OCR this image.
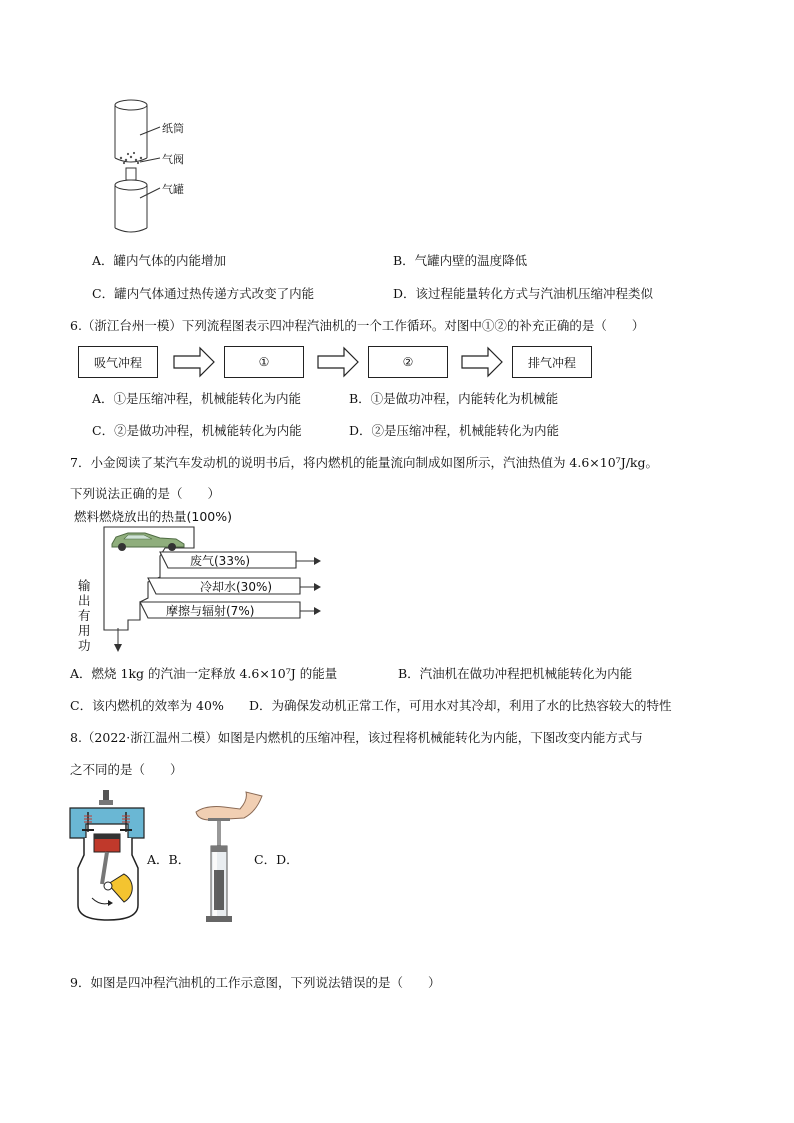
纸筒
气阀
气罐
A．罐内气体的内能增加	B．气罐内壁的温度降低
C．罐内气体通过热传递方式改变了内能	D．该过程能量转化方式与汽油机压缩冲程类似
6.（浙江台州一模）下列流程图表示四冲程汽油机的一个工作循环。对图中①②的补充正确的是（　　）
吸气冲程	①	②	排气冲程
A．①是压缩冲程，机械能转化为内能	B．①是做功冲程，内能转化为机械能
C．②是做功冲程，机械能转化为内能	D．②是压缩冲程，机械能转化为内能
7．小金阅读了某汽车发动机的说明书后，将内燃机的能量流向制成如图所示，汽油热值为 4.6×10⁷J/kg。
下列说法正确的是（　　）
燃料燃烧放出的热量(100%)
废气(33%)
冷却水(30%)
摩擦与辐射(7%)
输出有用功
A．燃烧 1kg 的汽油一定释放 4.6×10⁷J 的能量	B．汽油机在做功冲程把机械能转化为内能
C．该内燃机的效率为 40% D．为确保发动机正常工作，可用水对其冷却，利用了水的比热容较大的特性
8.（2022·浙江温州二模）如图是内燃机的压缩冲程，该过程将机械能转化为内能，下图改变内能方式与
之不同的是（　　）
A．B．	C．D．
9．如图是四冲程汽油机的工作示意图，下列说法错误的是（　　）
